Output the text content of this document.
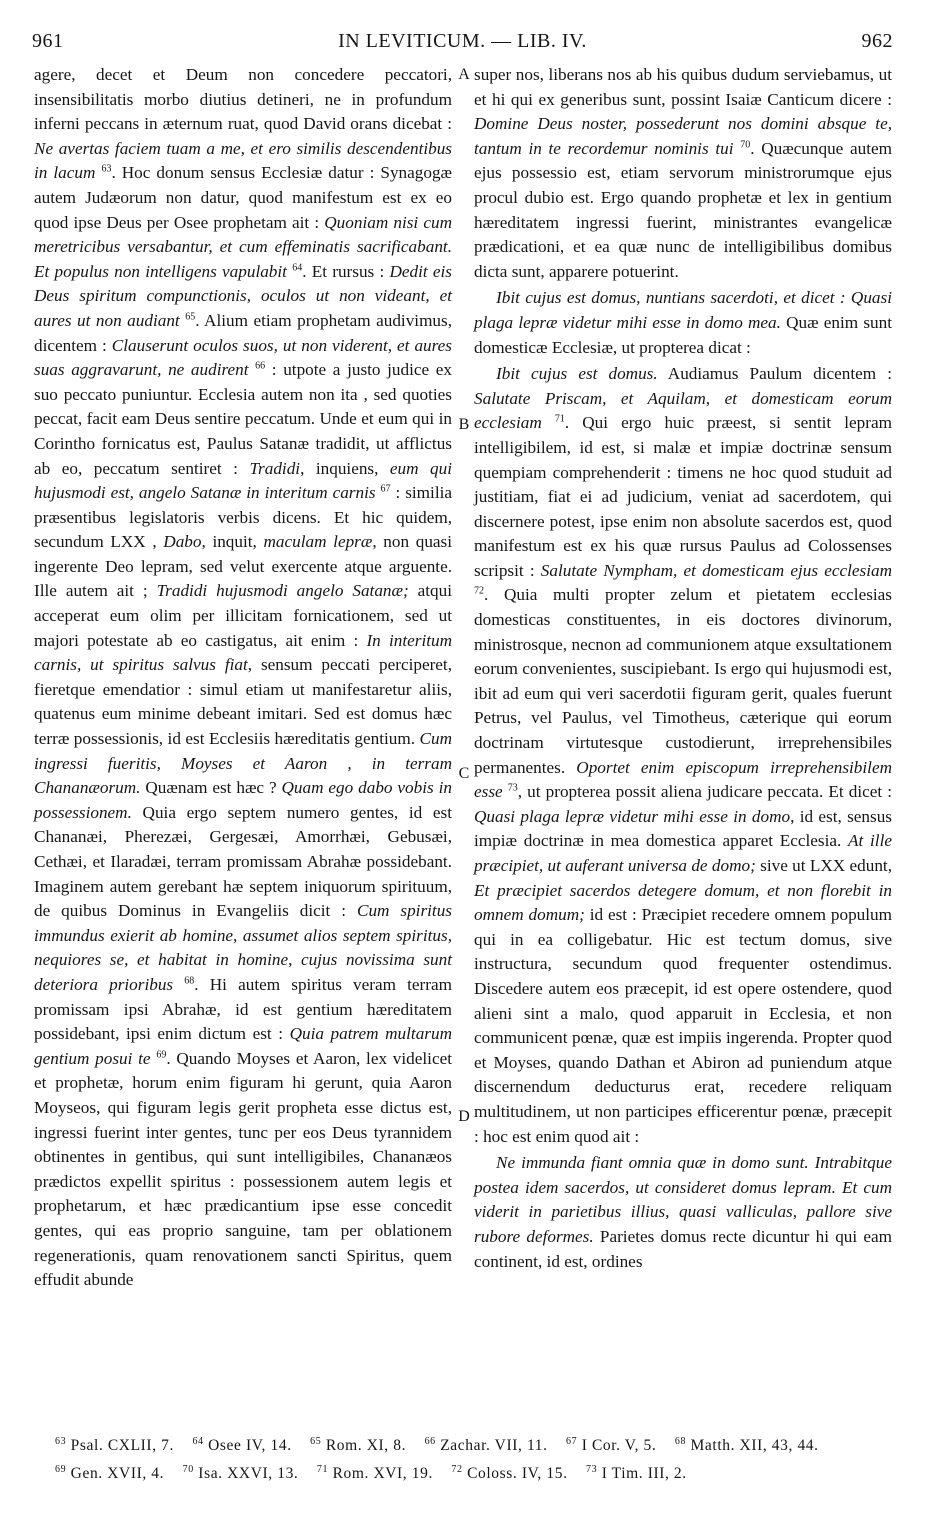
961	IN LEVITICUM. — LIB. IV.	962

agere, decet et Deum non concedere peccatori, insensibilitatis morbo diutius detineri, ne in profundum inferni peccans in æternum ruat, quod David orans dicebat : Ne avertas faciem tuam a me, et ero similis descendentibus in lacum $^{63}$. Hoc donum sensus Ecclesiæ datur : Synagogæ autem Judæorum non datur, quod manifestum est ex eo quod ipse Deus per Osee prophetam ait : Quoniam nisi cum meretricibus versabantur, et cum effeminatis sacrificabant. Et populus non intelligens vapulabit $^{64}$. Et rursus : Dedit eis Deus spiritum compunctionis, oculos ut non videant, et aures ut non audiant $^{65}$. Alium etiam prophetam audivimus, dicentem : Clauserunt oculos suos, ut non viderent, et aures suas aggravarunt, ne audirent $^{66}$ : utpote a justo judice ex suo peccato puniuntur. Ecclesia autem non ita , sed quoties peccat, facit eam Deus sentire peccatum. Unde et eum qui in Corintho fornicatus est, Paulus Satanæ tradidit, ut afflictus ab eo, peccatum sentiret : Tradidi, inquiens, eum qui hujusmodi est, angelo Satanæ in interitum carnis $^{67}$ : similia præsentibus legislatoris verbis dicens. Et hic quidem, secundum LXX , Dabo, inquit, maculam lepræ, non quasi ingerente Deo lepram, sed velut exercente atque arguente. Ille autem ait ; Tradidi hujusmodi angelo Satanæ; atqui acceperat eum olim per illicitam fornicationem, sed ut majori potestate ab eo castigatus, ait enim : In interitum carnis, ut spiritus salvus fiat, sensum peccati perciperet, fieretque emendatior : simul etiam ut manifestaretur aliis, quatenus eum minime debeant imitari. Sed est domus hæc terræ possessionis, id est Ecclesiis hæreditatis gentium. Cum ingressi fueritis, Moyses et Aaron , in terram Chananæorum. Quænam est hæc ? Quam ego dabo vobis in possessionem. Quia ergo septem numero gentes, id est Chananæi, Pherezæi, Gergesæi, Amorrhæi, Gebusæi, Cethæi, et Ilaradæi, terram promissam Abrahæ possidebant. Imaginem autem gerebant hæ septem iniquorum spirituum, de quibus Dominus in Evangeliis dicit : Cum spiritus immundus exierit ab homine, assumet alios septem spiritus, nequiores se, et habitat in homine, cujus novissima sunt deteriora prioribus $^{68}$. Hi autem spiritus veram terram promissam ipsi Abrahæ, id est gentium hæreditatem possidebant, ipsi enim dictum est : Quia patrem multarum gentium posui te $^{69}$. Quando Moyses et Aaron, lex videlicet et prophetæ, horum enim figuram hi gerunt, quia Aaron Moyseos, qui figuram legis gerit propheta esse dictus est, ingressi fuerint inter gentes, tunc per eos Deus tyrannidem obtinentes in gentibus, qui sunt intelligibiles, Chananæos prædictos expellit spiritus : possessionem autem legis et prophetarum, et hæc prædicantium ipse esse concedit gentes, qui eas proprio sanguine, tam per oblationem regenerationis, quam renovationem sancti Spiritus, quem effudit abunde

super nos, liberans nos ab his quibus dudum serviebamus, ut et hi qui ex generibus sunt, possint Isaiæ Canticum dicere : Domine Deus noster, possederunt nos domini absque te, tantum in te recordemur nominis tui $^{70}$. Quæcunque autem ejus possessio est, etiam servorum ministrorumque ejus procul dubio est. Ergo quando prophetæ et lex in gentium hæreditatem ingressi fuerint, ministrantes evangelicæ prædicationi, et ea quæ nunc de intelligibilibus domibus dicta sunt, apparere potuerint.

Ibit cujus est domus, nuntians sacerdoti, et dicet : Quasi plaga lepræ videtur mihi esse in domo mea. Quæ enim sunt domesticæ Ecclesiæ, ut propterea dicat :

Ibit cujus est domus. Audiamus Paulum dicentem : Salutate Priscam, et Aquilam, et domesticam eorum ecclesiam $^{71}$. Qui ergo huic præest, si sentit lepram intelligibilem, id est, si malæ et impiæ doctrinæ sensum quempiam comprehenderit : timens ne hoc quod studuit ad justitiam, fiat ei ad judicium, veniat ad sacerdotem, qui discernere potest, ipse enim non absolute sacerdos est, quod manifestum est ex his quæ rursus Paulus ad Colossenses scripsit : Salutate Nympham, et domesticam ejus ecclesiam $^{72}$. Quia multi propter zelum et pietatem ecclesias domesticas constituentes, in eis doctores divinorum, ministrosque, necnon ad communionem atque exsultationem eorum convenientes, suscipiebant. Is ergo qui hujusmodi est, ibit ad eum qui veri sacerdotii figuram gerit, quales fuerunt Petrus, vel Paulus, vel Timotheus, cæterique qui eorum doctrinam virtutesque custodierunt, irreprehensibiles permanentes. Oportet enim episcopum irreprehensibilem esse $^{73}$, ut propterea possit aliena judicare peccata. Et dicet : Quasi plaga lepræ videtur mihi esse in domo, id est, sensus impiæ doctrinæ in mea domestica apparet Ecclesia. At ille præcipiet, ut auferant universa de domo; sive ut LXX edunt, Et præcipiet sacerdos detegere domum, et non florebit in omnem domum; id est : Præcipiet recedere omnem populum qui in ea colligebatur. Hic est tectum domus, sive instructura, secundum quod frequenter ostendimus. Discedere autem eos præcepit, id est opere ostendere, quod alieni sint a malo, quod apparuit in Ecclesia, et non communicent pœnæ, quæ est impiis ingerenda. Propter quod et Moyses, quando Dathan et Abiron ad puniendum atque discernendum deducturus erat, recedere reliquam multitudinem, ut non participes efficerentur pœnæ, præcepit : hoc est enim quod ait :

Ne immunda fiant omnia quæ in domo sunt. Intrabitque postea idem sacerdos, ut consideret domus lepram. Et cum viderit in parietibus illius, quasi valliculas, pallore sive rubore deformes. Parietes domus recte dicuntur hi qui eam continent, id est, ordines

A
B
C
D
$^{63}$ Psal. CXLII, 7. $^{64}$ Osee IV, 14. $^{65}$ Rom. XI, 8. $^{66}$ Zachar. VII, 11. $^{67}$ I Cor. V, 5. $^{68}$ Matth. XII, 43, 44. $^{69}$ Gen. XVII, 4. $^{70}$ Isa. XXVI, 13. $^{71}$ Rom. XVI, 19. $^{72}$ Coloss. IV, 15. $^{73}$ I Tim. III, 2.
